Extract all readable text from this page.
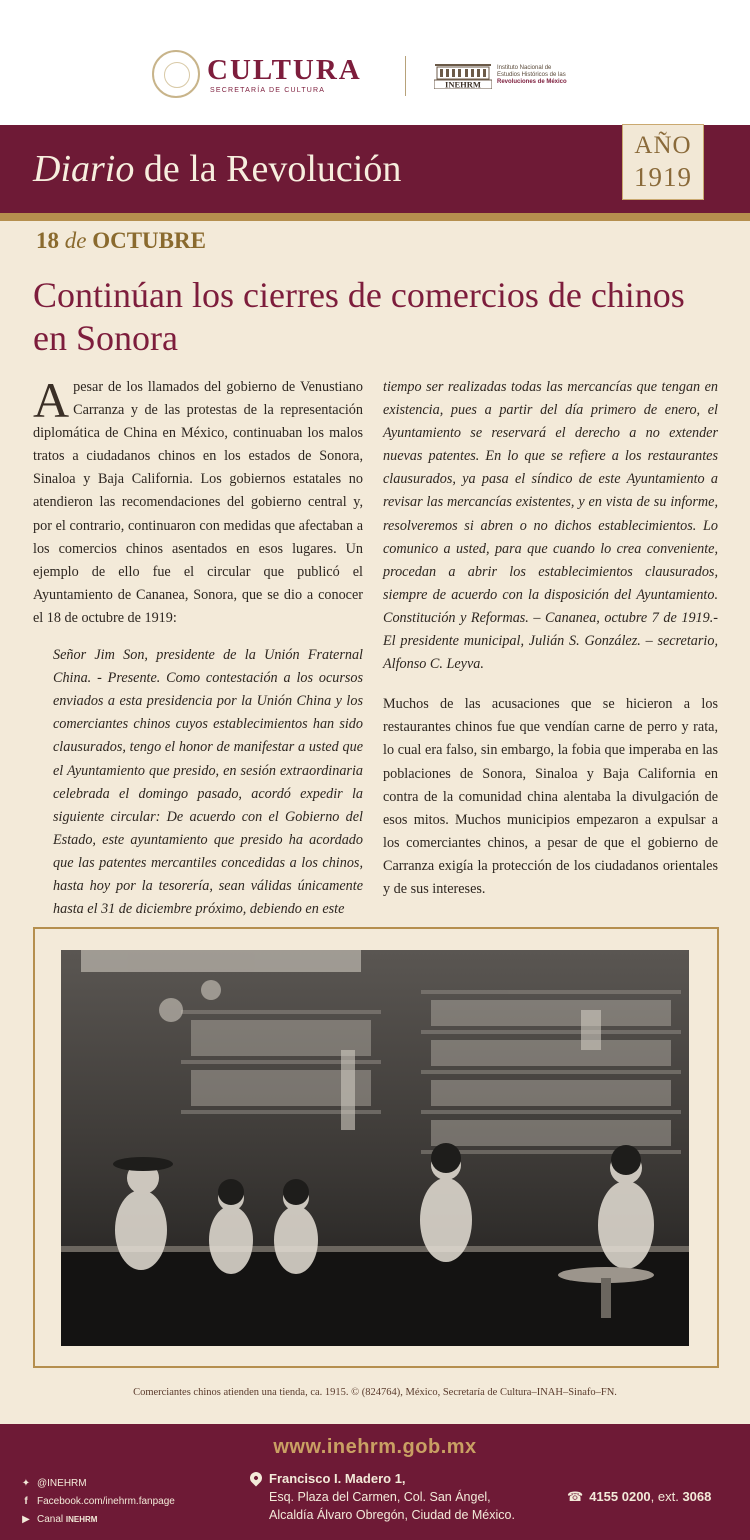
CULTURA
SECRETARÍA DE CULTURA
INEHRM
Instituto Nacional de
Estudios Históricos de las
Revoluciones de México
Diario de la Revolución
AÑO
1919
18 de OCTUBRE
Continúan los cierres de comercios de chinos en Sonora

Apesar de los llamados del gobierno de Venustiano Carranza y de las protestas de la representación diplomática de China en México, continuaban los malos tratos a ciudadanos chinos en los estados de Sonora, Sinaloa y Baja California. Los gobiernos estatales no atendieron las recomendaciones del gobierno central y, por el contrario, continuaron con medidas que afectaban a los comercios chinos asentados en esos lugares. Un ejemplo de ello fue el circular que publicó el Ayuntamiento de Cananea, Sonora, que se dio a conocer el 18 de octubre de 1919:

Señor Jim Son, presidente de la Unión Fraternal China. - Presente. Como contestación a los ocursos enviados a esta presidencia por la Unión China y los comerciantes chinos cuyos establecimientos han sido clausurados, tengo el honor de manifestar a usted que el Ayuntamiento que presido, en sesión extraordinaria celebrada el domingo pasado, acordó expedir la siguiente circular: De acuerdo con el Gobierno del Estado, este ayuntamiento que presido ha acordado que las patentes mercantiles concedidas a los chinos, hasta hoy por la tesorería, sean válidas únicamente hasta el 31 de diciembre próximo, debiendo en este

tiempo ser realizadas todas las mercancías que tengan en existencia, pues a partir del día primero de enero, el Ayuntamiento se reservará el derecho a no extender nuevas patentes. En lo que se refiere a los restaurantes clausurados, ya pasa el síndico de este Ayuntamiento a revisar las mercancías existentes, y en vista de su informe, resolveremos si abren o no dichos establecimientos. Lo comunico a usted, para que cuando lo crea conveniente, procedan a abrir los establecimientos clausurados, siempre de acuerdo con la disposición del Ayuntamiento. Constitución y Reformas. – Cananea, octubre 7 de 1919.- El presidente municipal, Julián S. González. – secretario, Alfonso C. Leyva.

Muchos de las acusaciones que se hicieron a los restaurantes chinos fue que vendían carne de perro y rata, lo cual era falso, sin embargo, la fobia que imperaba en las poblaciones de Sonora, Sinaloa y Baja California en contra de la comunidad china alentaba la divulgación de esos mitos. Muchos municipios empezaron a expulsar a los comerciantes chinos, a pesar de que el gobierno de Carranza exigía la protección de los ciudadanos orientales y de sus intereses.

Comerciantes chinos atienden una tienda, ca. 1915. © (824764), México, Secretaría de Cultura–INAH–Sinafo–FN.
www.inehrm.gob.mx
✦ @INEHRM
f Facebook.com/inehrm.fanpage
▶ Canal INEHRM
Francisco I. Madero 1,
Esq. Plaza del Carmen, Col. San Ángel,
Alcaldía Álvaro Obregón, Ciudad de México.
☎ 4155 0200, ext. 3068
